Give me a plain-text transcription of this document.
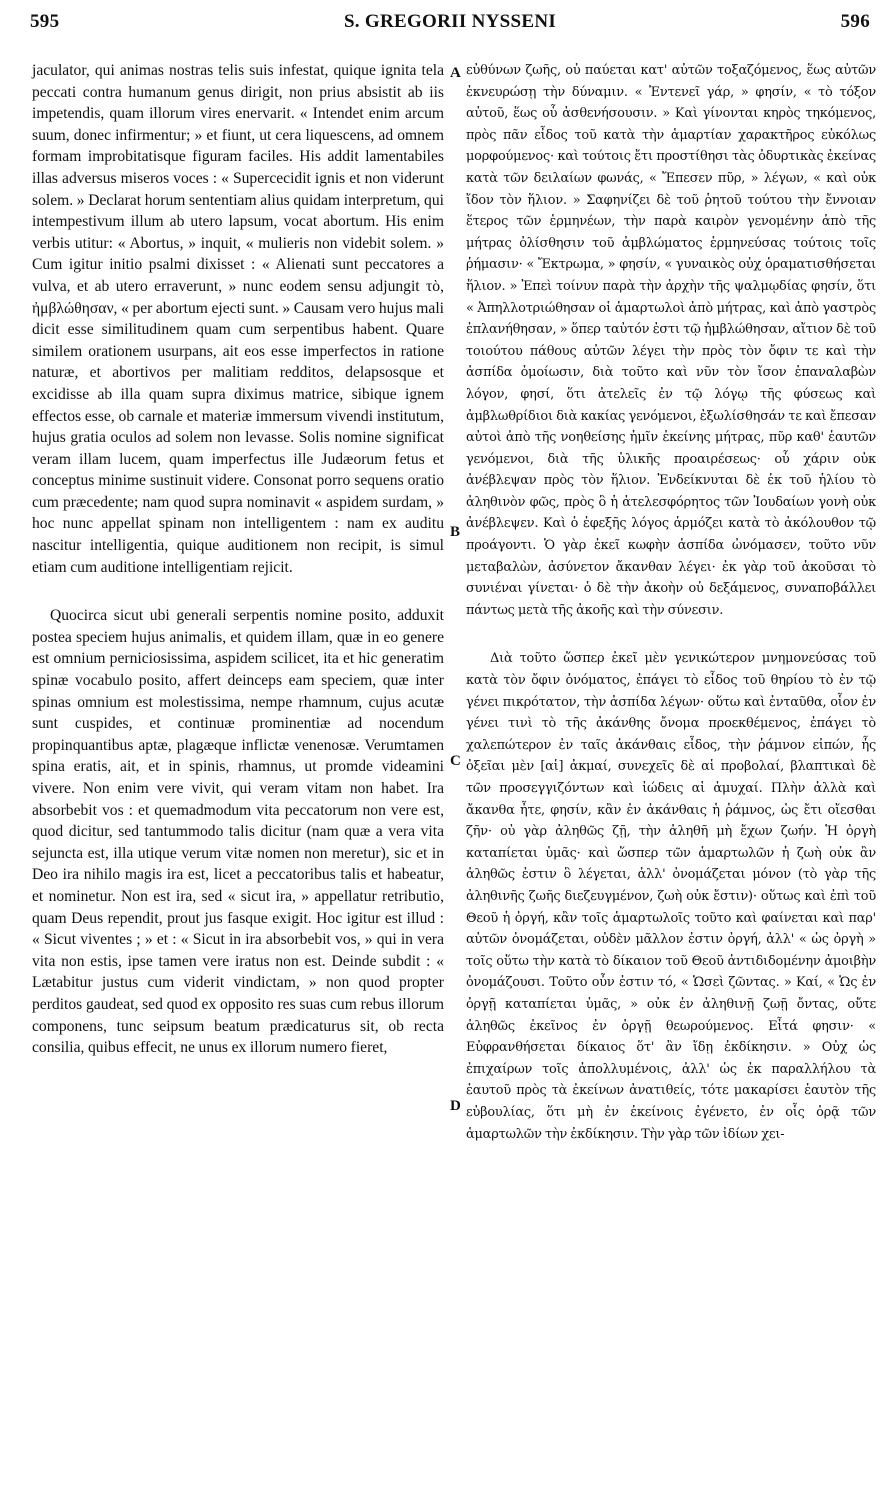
595	S. GREGORII NYSSENI	596

jaculator, qui animas nostras telis suis infestat, quique ignita tela peccati contra humanum genus dirigit, non prius absistit ab iis impetendis, quam illorum vires enervarit. « Intendet enim arcum suum, donec infirmentur; » et fiunt, ut cera liquescens, ad omnem formam improbitatisque figuram faciles. His addit lamentabiles illas adversus miseros voces : « Supercecidit ignis et non viderunt solem. » Declarat horum sententiam alius quidam interpretum, qui intempestivum illum ab utero lapsum, vocat abortum. His enim verbis utitur: « Abortus, » inquit, « mulieris non videbit solem. » Cum igitur initio psalmi dixisset : « Alienati sunt peccatores a vulva, et ab utero erraverunt, » nunc eodem sensu adjungit τὸ, ἠμβλώθησαν, « per abortum ejecti sunt. » Causam vero hujus mali dicit esse similitudinem quam cum serpentibus habent. Quare similem orationem usurpans, ait eos esse imperfectos in ratione naturæ, et abortivos per malitiam redditos, delapsosque et excidisse ab illa quam supra diximus matrice, sibique ignem effectos esse, ob carnale et materiæ immersum vivendi institutum, hujus gratia oculos ad solem non levasse. Solis nomine significat veram illam lucem, quam imperfectus ille Judæorum fetus et conceptus minime sustinuit videre. Consonat porro sequens oratio cum præcedente; nam quod supra nominavit « aspidem surdam, » hoc nunc appellat spinam non intelligentem : nam ex auditu nascitur intelligentia, quique auditionem non recipit, is simul etiam cum auditione intelligentiam rejicit.

Quocirca sicut ubi generali serpentis nomine posito, adduxit postea speciem hujus animalis, et quidem illam, quæ in eo genere est omnium perniciosissima, aspidem scilicet, ita et hic generatim spinæ vocabulo posito, affert deinceps eam speciem, quæ inter spinas omnium est molestissima, nempe rhamnum, cujus acutæ sunt cuspides, et continuæ prominentiæ ad nocendum propinquantibus aptæ, plagæque inflictæ venenosæ. Verumtamen spina eratis, ait, et in spinis, rhamnus, ut promde videamini vivere. Non enim vere vivit, qui veram vitam non habet. Ira absorbebit vos : et quemadmodum vita peccatorum non vere est, quod dicitur, sed tantummodo talis dicitur (nam quæ a vera vita sejuncta est, illa utique verum vitæ nomen non meretur), sic et in Deo ira nihilo magis ira est, licet a peccatoribus talis et habeatur, et nominetur. Non est ira, sed « sicut ira, » appellatur retributio, quam Deus rependit, prout jus fasque exigit. Hoc igitur est illud : « Sicut viventes ; » et : « Sicut in ira absorbebit vos, » qui in vera vita non estis, ipse tamen vere iratus non est. Deinde subdit : « Lætabitur justus cum viderit vindictam, » non quod propter perditos gaudeat, sed quod ex opposito res suas cum rebus illorum componens, tunc seipsum beatum prædicaturus sit, ob recta consilia, quibus effecit, ne unus ex illorum numero fieret,

A
B
C
D

εὐθύνων ζωῆς, οὐ παύεται κατ' αὐτῶν τοξαζόμενος, ἕως αὐτῶν ἐκνευρώσῃ τὴν δύναμιν. « Ἐντενεῖ γάρ, » φησίν, « τὸ τόξον αὐτοῦ, ἕως οὗ ἀσθενήσουσιν. » Καὶ γίνονται κηρὸς τηκόμενος, πρὸς πᾶν εἶδος τοῦ κατὰ τὴν ἁμαρτίαν χαρακτῆρος εὐκόλως μορφούμενος· καὶ τούτοις ἔτι προστίθησι τὰς ὀδυρτικὰς ἐκείνας κατὰ τῶν δειλαίων φωνάς, « Ἔπεσεν πῦρ, » λέγων, « καὶ οὐκ ἴδον τὸν ἥλιον. » Σαφηνίζει δὲ τοῦ ῥητοῦ τούτου τὴν ἔννοιαν ἕτερος τῶν ἑρμηνέων, τὴν παρὰ καιρὸν γενομένην ἀπὸ τῆς μήτρας ὀλίσθησιν τοῦ ἀμβλώματος ἑρμηνεύσας τούτοις τοῖς ῥήμασιν· « Ἔκτρωμα, » φησίν, « γυναικὸς οὐχ ὁραματισθήσεται ἥλιον. » Ἐπεὶ τοίνυν παρὰ τὴν ἀρχὴν τῆς ψαλμῳδίας φησίν, ὅτι « Ἀπηλλοτριώθησαν οἱ ἁμαρτωλοὶ ἀπὸ μήτρας, καὶ ἀπὸ γαστρὸς ἐπλανήθησαν, » ὅπερ ταὐτόν ἐστι τῷ ἠμβλώθησαν, αἴτιον δὲ τοῦ τοιούτου πάθους αὐτῶν λέγει τὴν πρὸς τὸν ὄφιν τε καὶ τὴν ἀσπίδα ὁμοίωσιν, διὰ τοῦτο καὶ νῦν τὸν ἴσον ἐπαναλαβὼν λόγον, φησί, ὅτι ἀτελεῖς ἐν τῷ λόγῳ τῆς φύσεως καὶ ἀμβλωθρίδιοι διὰ κακίας γενόμενοι, ἐξωλίσθησάν τε καὶ ἔπεσαν αὐτοὶ ἀπὸ τῆς νοηθείσης ἡμῖν ἐκείνης μήτρας, πῦρ καθ' ἑαυτῶν γενόμενοι, διὰ τῆς ὑλικῆς προαιρέσεως· οὗ χάριν οὐκ ἀνέβλεψαν πρὸς τὸν ἥλιον. Ἐνδείκνυται δὲ ἐκ τοῦ ἡλίου τὸ ἀληθινὸν φῶς, πρὸς ὃ ἡ ἀτελεσφόρητος τῶν Ἰουδαίων γονὴ οὐκ ἀνέβλεψεν. Καὶ ὁ ἐφεξῆς λόγος ἁρμόζει κατὰ τὸ ἀκόλουθον τῷ προάγοντι. Ὁ γὰρ ἐκεῖ κωφὴν ἀσπίδα ὠνόμασεν, τοῦτο νῦν μεταβαλὼν, ἀσύνετον ἄκανθαν λέγει· ἐκ γὰρ τοῦ ἀκοῦσαι τὸ συνιέναι γίνεται· ὁ δὲ τὴν ἀκοὴν οὐ δεξάμενος, συναποβάλλει πάντως μετὰ τῆς ἀκοῆς καὶ τὴν σύνεσιν.

Διὰ τοῦτο ὥσπερ ἐκεῖ μὲν γενικώτερον μνημονεύσας τοῦ κατὰ τὸν ὄφιν ὀνόματος, ἐπάγει τὸ εἶδος τοῦ θηρίου τὸ ἐν τῷ γένει πικρότατον, τὴν ἀσπίδα λέγων· οὕτω καὶ ἐνταῦθα, οἷον ἐν γένει τινὶ τὸ τῆς ἀκάνθης ὄνομα προεκθέμενος, ἐπάγει τὸ χαλεπώτερον ἐν ταῖς ἀκάνθαις εἶδος, τὴν ῥάμνον εἰπών, ἧς ὀξεῖαι μὲν [αἱ] ἀκμαί, συνεχεῖς δὲ αἱ προβολαί, βλαπτικαὶ δὲ τῶν προσεγγιζόντων καὶ ἰώδεις αἱ ἀμυχαί. Πλὴν ἀλλὰ καὶ ἄκανθα ἦτε, φησίν, κἂν ἐν ἀκάνθαις ἡ ῥάμνος, ὡς ἔτι οἴεσθαι ζῆν· οὐ γὰρ ἀληθῶς ζῇ, τὴν ἀληθῆ μὴ ἔχων ζωήν. Ἡ ὀργὴ καταπίεται ὑμᾶς· καὶ ὥσπερ τῶν ἁμαρτωλῶν ἡ ζωὴ οὐκ ἂν ἀληθῶς ἐστιν ὃ λέγεται, ἀλλ' ὀνομάζεται μόνον (τὸ γὰρ τῆς ἀληθινῆς ζωῆς διεζευγμένον, ζωὴ οὐκ ἔστιν)· οὕτως καὶ ἐπὶ τοῦ Θεοῦ ἡ ὀργή, κἂν τοῖς ἁμαρτωλοῖς τοῦτο καὶ φαίνεται καὶ παρ' αὐτῶν ὀνομάζεται, οὐδὲν μᾶλλον ἐστιν ὀργή, ἀλλ' « ὡς ὀργὴ » τοῖς οὕτω τὴν κατὰ τὸ δίκαιον τοῦ Θεοῦ ἀντιδιδομένην ἀμοιβὴν ὀνομάζουσι. Τοῦτο οὖν ἐστιν τό, « Ὡσεὶ ζῶντας. » Καί, « Ὡς ἐν ὀργῇ καταπίεται ὑμᾶς, » οὐκ ἐν ἀληθινῇ ζωῇ ὄντας, οὔτε ἀληθῶς ἐκεῖνος ἐν ὀργῇ θεωρούμενος. Εἶτά φησιν· « Εὐφρανθήσεται δίκαιος ὅτ' ἂν ἴδῃ ἐκδίκησιν. » Οὐχ ὡς ἐπιχαίρων τοῖς ἀπολλυμένοις, ἀλλ' ὡς ἐκ παραλλήλου τὰ ἑαυτοῦ πρὸς τὰ ἐκείνων ἀνατιθείς, τότε μακαρίσει ἑαυτὸν τῆς εὐβουλίας, ὅτι μὴ ἐν ἐκείνοις ἐγένετο, ἐν οἷς ὁρᾷ τῶν ἁμαρτωλῶν τὴν ἐκδίκησιν. Τὴν γὰρ τῶν ἰδίων χει-
